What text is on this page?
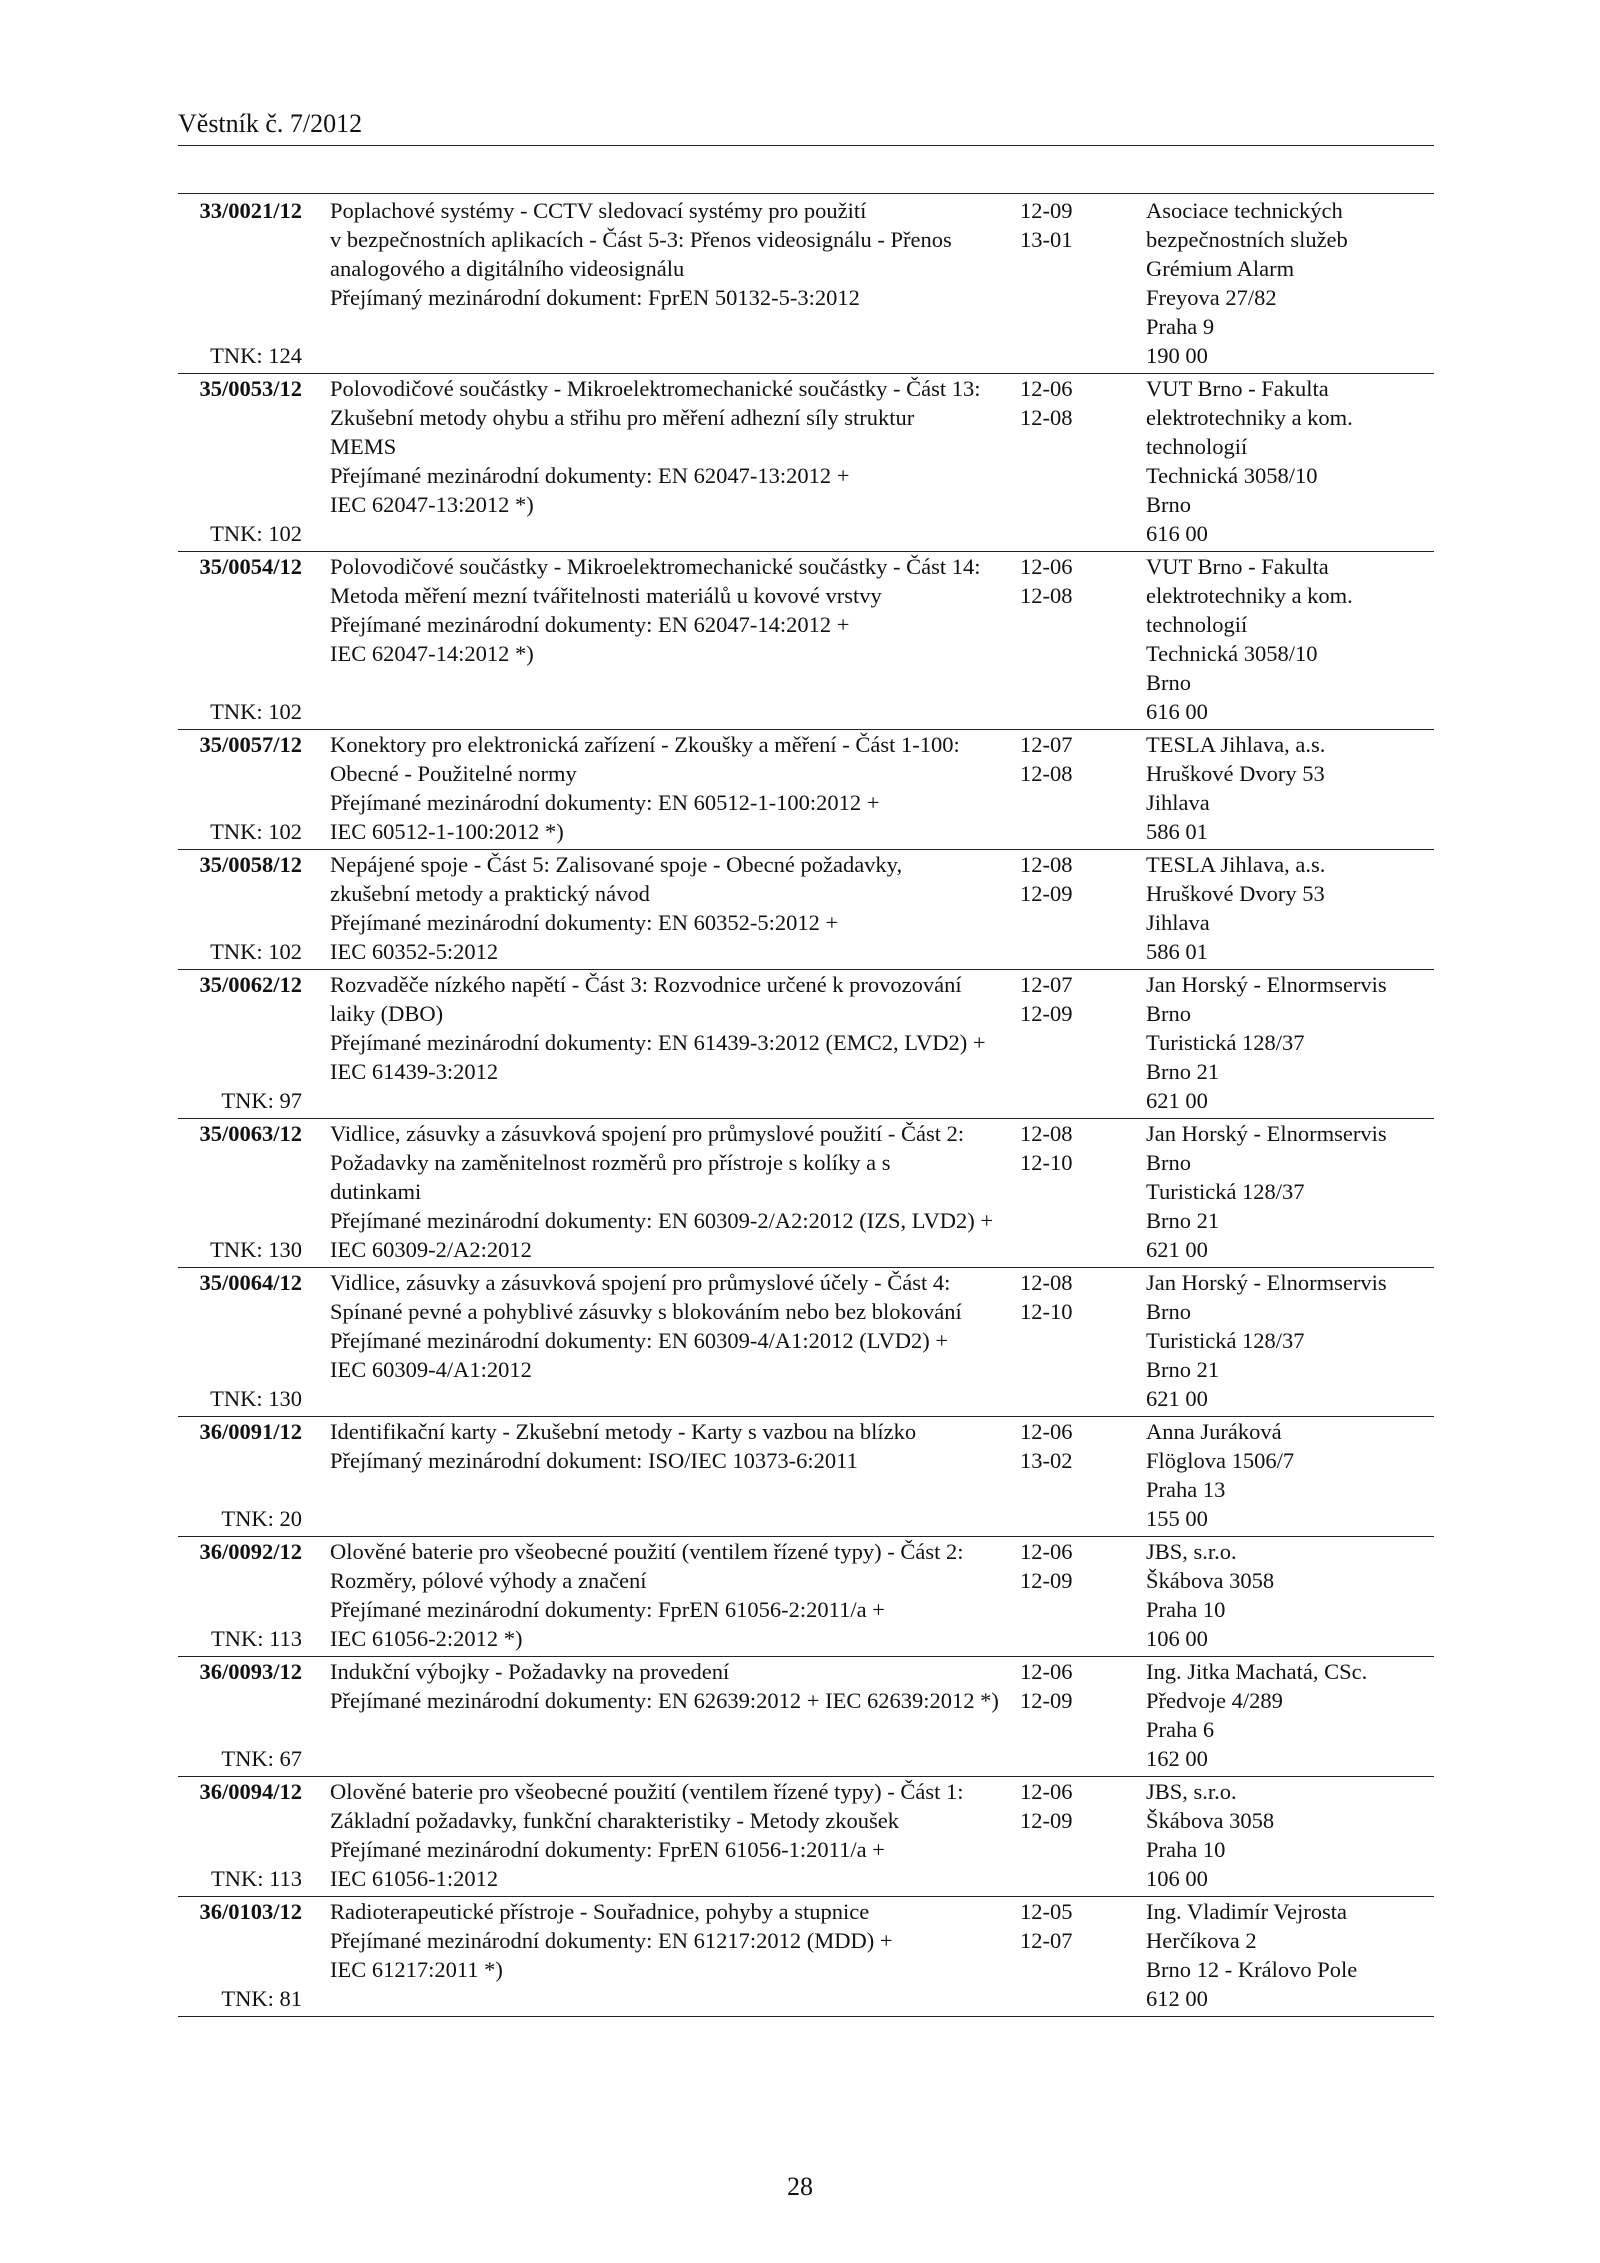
Věstník č. 7/2012
33/0021/12
TNK: 124
Poplachové systémy - CCTV sledovací systémy pro použití
v bezpečnostních aplikacích - Část 5-3: Přenos videosignálu - Přenos
analogového a digitálního videosignálu
Přejímaný mezinárodní dokument: FprEN 50132-5-3:2012
12-09
13-01
Asociace technických
bezpečnostních služeb
Grémium Alarm
Freyova 27/82
Praha 9
190 00
35/0053/12
TNK: 102
Polovodičové součástky - Mikroelektromechanické součástky - Část 13:
Zkušební metody ohybu a střihu pro měření adhezní síly struktur
MEMS
Přejímané mezinárodní dokumenty: EN 62047-13:2012 +
IEC 62047-13:2012 *)
12-06
12-08
VUT Brno - Fakulta
elektrotechniky a kom.
technologií
Technická 3058/10
Brno
616 00
35/0054/12
TNK: 102
Polovodičové součástky - Mikroelektromechanické součástky - Část 14:
Metoda měření mezní tvářitelnosti materiálů u kovové vrstvy
Přejímané mezinárodní dokumenty: EN 62047-14:2012 +
IEC 62047-14:2012 *)
12-06
12-08
VUT Brno - Fakulta
elektrotechniky a kom.
technologií
Technická 3058/10
Brno
616 00
35/0057/12
TNK: 102
Konektory pro elektronická zařízení - Zkoušky a měření - Část 1-100:
Obecné - Použitelné normy
Přejímané mezinárodní dokumenty: EN 60512-1-100:2012 +
IEC 60512-1-100:2012 *)
12-07
12-08
TESLA Jihlava, a.s.
Hruškové Dvory 53
Jihlava
586 01
35/0058/12
TNK: 102
Nepájené spoje - Část 5: Zalisované spoje - Obecné požadavky,
zkušební metody a praktický návod
Přejímané mezinárodní dokumenty: EN 60352-5:2012 +
IEC 60352-5:2012
12-08
12-09
TESLA Jihlava, a.s.
Hruškové Dvory 53
Jihlava
586 01
35/0062/12
TNK: 97
Rozvaděče nízkého napětí - Část 3: Rozvodnice určené k provozování
laiky (DBO)
Přejímané mezinárodní dokumenty: EN 61439-3:2012 (EMC2, LVD2) +
IEC 61439-3:2012
12-07
12-09
Jan Horský - Elnormservis
Brno
Turistická 128/37
Brno 21
621 00
35/0063/12
TNK: 130
Vidlice, zásuvky a zásuvková spojení pro průmyslové použití - Část 2:
Požadavky na zaměnitelnost rozměrů pro přístroje s kolíky a s
dutinkami
Přejímané mezinárodní dokumenty: EN 60309-2/A2:2012 (IZS, LVD2) +
IEC 60309-2/A2:2012
12-08
12-10
Jan Horský - Elnormservis
Brno
Turistická 128/37
Brno 21
621 00
35/0064/12
TNK: 130
Vidlice, zásuvky a zásuvková spojení pro průmyslové účely - Část 4:
Spínané pevné a pohyblivé zásuvky s blokováním nebo bez blokování
Přejímané mezinárodní dokumenty: EN 60309-4/A1:2012 (LVD2) +
IEC 60309-4/A1:2012
12-08
12-10
Jan Horský - Elnormservis
Brno
Turistická 128/37
Brno 21
621 00
36/0091/12
TNK: 20
Identifikační karty - Zkušební metody - Karty s vazbou na blízko
Přejímaný mezinárodní dokument: ISO/IEC 10373-6:2011
12-06
13-02
Anna Juráková
Flöglova 1506/7
Praha 13
155 00
36/0092/12
TNK: 113
Olověné baterie pro všeobecné použití (ventilem řízené typy) - Část 2:
Rozměry, pólové výhody a značení
Přejímané mezinárodní dokumenty: FprEN 61056-2:2011/a +
IEC 61056-2:2012 *)
12-06
12-09
JBS, s.r.o.
Škábova 3058
Praha 10
106 00
36/0093/12
TNK: 67
Indukční výbojky - Požadavky na provedení
Přejímané mezinárodní dokumenty: EN 62639:2012 + IEC 62639:2012 *)
12-06
12-09
Ing. Jitka Machatá, CSc.
Předvoje 4/289
Praha 6
162 00
36/0094/12
TNK: 113
Olověné baterie pro všeobecné použití (ventilem řízené typy) - Část 1:
Základní požadavky, funkční charakteristiky - Metody zkoušek
Přejímané mezinárodní dokumenty: FprEN 61056-1:2011/a +
IEC 61056-1:2012
12-06
12-09
JBS, s.r.o.
Škábova 3058
Praha 10
106 00
36/0103/12
TNK: 81
Radioterapeutické přístroje - Souřadnice, pohyby a stupnice
Přejímané mezinárodní dokumenty: EN 61217:2012 (MDD) +
IEC 61217:2011 *)
12-05
12-07
Ing. Vladimír Vejrosta
Herčíkova 2
Brno 12 - Královo Pole
612 00
28
